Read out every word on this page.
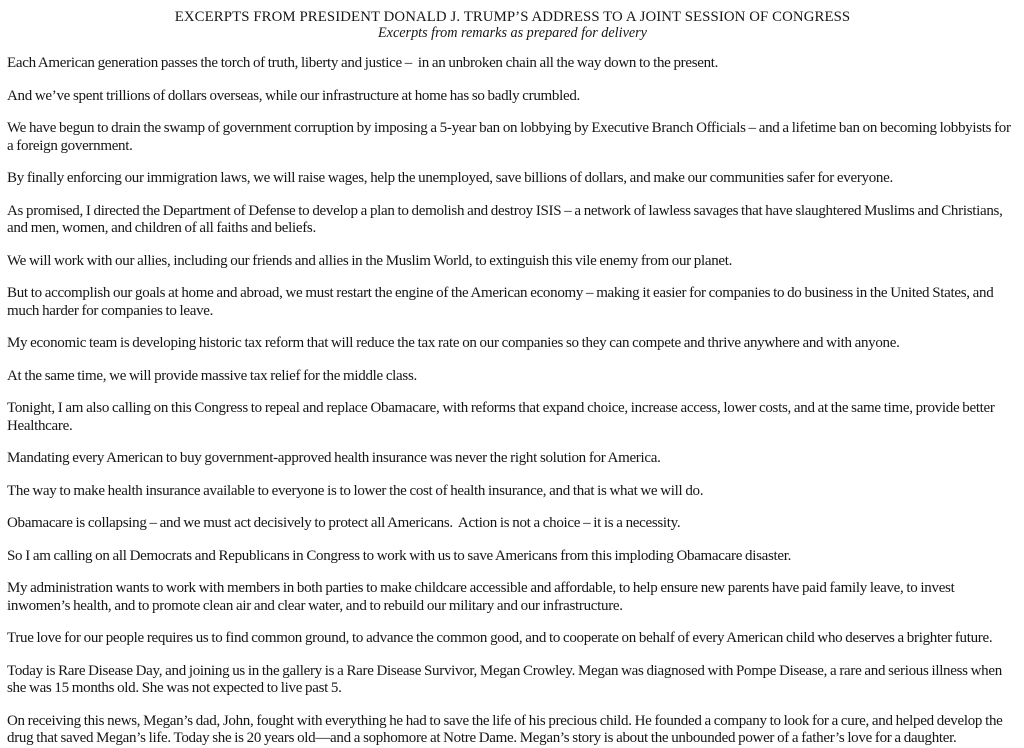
EXCERPTS FROM PRESIDENT DONALD J. TRUMP’S ADDRESS TO A JOINT SESSION OF CONGRESS

Excerpts from remarks as prepared for delivery

Each American generation passes the torch of truth, liberty and justice –  in an unbroken chain all the way down to the present.

And we’ve spent trillions of dollars overseas, while our infrastructure at home has so badly crumbled.

We have begun to drain the swamp of government corruption by imposing a 5-year ban on lobbying by Executive Branch Officials – and a lifetime ban on becoming lobbyists for a foreign government.

By finally enforcing our immigration laws, we will raise wages, help the unemployed, save billions of dollars, and make our communities safer for everyone.

As promised, I directed the Department of Defense to develop a plan to demolish and destroy ISIS – a network of lawless savages that have slaughtered Muslims and Christians, and men, women, and children of all faiths and beliefs.

We will work with our allies, including our friends and allies in the Muslim World, to extinguish this vile enemy from our planet.

But to accomplish our goals at home and abroad, we must restart the engine of the American economy – making it easier for companies to do business in the United States, and much harder for companies to leave.

My economic team is developing historic tax reform that will reduce the tax rate on our companies so they can compete and thrive anywhere and with anyone.

At the same time, we will provide massive tax relief for the middle class.

Tonight, I am also calling on this Congress to repeal and replace Obamacare, with reforms that expand choice, increase access, lower costs, and at the same time, provide better Healthcare.

Mandating every American to buy government-approved health insurance was never the right solution for America.

The way to make health insurance available to everyone is to lower the cost of health insurance, and that is what we will do.

Obamacare is collapsing – and we must act decisively to protect all Americans.  Action is not a choice – it is a necessity.

So I am calling on all Democrats and Republicans in Congress to work with us to save Americans from this imploding Obamacare disaster.

My administration wants to work with members in both parties to make childcare accessible and affordable, to help ensure new parents have paid family leave, to invest inwomen’s health, and to promote clean air and clear water, and to rebuild our military and our infrastructure.

True love for our people requires us to find common ground, to advance the common good, and to cooperate on behalf of every American child who deserves a brighter future.

Today is Rare Disease Day, and joining us in the gallery is a Rare Disease Survivor, Megan Crowley. Megan was diagnosed with Pompe Disease, a rare and serious illness when she was 15 months old. She was not expected to live past 5.

On receiving this news, Megan’s dad, John, fought with everything he had to save the life of his precious child. He founded a company to look for a cure, and helped develop the drug that saved Megan’s life. Today she is 20 years old—and a sophomore at Notre Dame. Megan’s story is about the unbounded power of a father’s love for a daughter.
